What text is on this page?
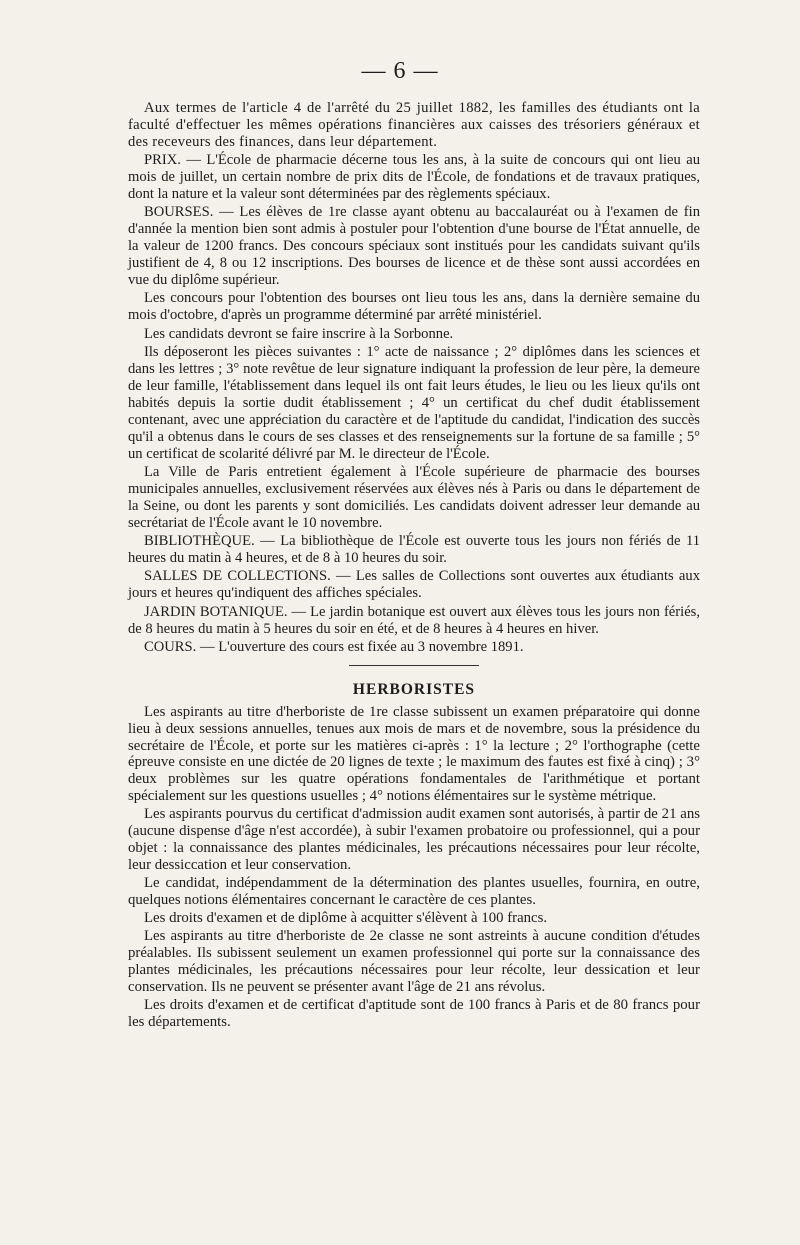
— 6 —

Aux termes de l'article 4 de l'arrêté du 25 juillet 1882, les familles des étudiants ont la faculté d'effectuer les mêmes opérations financières aux caisses des trésoriers généraux et des receveurs des finances, dans leur département.

PRIX. — L'École de pharmacie décerne tous les ans, à la suite de concours qui ont lieu au mois de juillet, un certain nombre de prix dits de l'École, de fondations et de travaux pratiques, dont la nature et la valeur sont déterminées par des règlements spéciaux.

BOURSES. — Les élèves de 1re classe ayant obtenu au baccalauréat ou à l'examen de fin d'année la mention bien sont admis à postuler pour l'obtention d'une bourse de l'État annuelle, de la valeur de 1200 francs. Des concours spéciaux sont institués pour les candidats suivant qu'ils justifient de 4, 8 ou 12 inscriptions. Des bourses de licence et de thèse sont aussi accordées en vue du diplôme supérieur.

Les concours pour l'obtention des bourses ont lieu tous les ans, dans la dernière semaine du mois d'octobre, d'après un programme déterminé par arrêté ministériel.

Les candidats devront se faire inscrire à la Sorbonne.

Ils déposeront les pièces suivantes : 1° acte de naissance ; 2° diplômes dans les sciences et dans les lettres ; 3° note revêtue de leur signature indiquant la profession de leur père, la demeure de leur famille, l'établissement dans lequel ils ont fait leurs études, le lieu ou les lieux qu'ils ont habités depuis la sortie dudit établissement ; 4° un certificat du chef dudit établissement contenant, avec une appréciation du caractère et de l'aptitude du candidat, l'indication des succès qu'il a obtenus dans le cours de ses classes et des renseignements sur la fortune de sa famille ; 5° un certificat de scolarité délivré par M. le directeur de l'École.

La Ville de Paris entretient également à l'École supérieure de pharmacie des bourses municipales annuelles, exclusivement réservées aux élèves nés à Paris ou dans le département de la Seine, ou dont les parents y sont domiciliés. Les candidats doivent adresser leur demande au secrétariat de l'École avant le 10 novembre.

BIBLIOTHÈQUE. — La bibliothèque de l'École est ouverte tous les jours non fériés de 11 heures du matin à 4 heures, et de 8 à 10 heures du soir.

SALLES DE COLLECTIONS. — Les salles de Collections sont ouvertes aux étudiants aux jours et heures qu'indiquent des affiches spéciales.

JARDIN BOTANIQUE. — Le jardin botanique est ouvert aux élèves tous les jours non fériés, de 8 heures du matin à 5 heures du soir en été, et de 8 heures à 4 heures en hiver.

COURS. — L'ouverture des cours est fixée au 3 novembre 1891.

HERBORISTES

Les aspirants au titre d'herboriste de 1re classe subissent un examen préparatoire qui donne lieu à deux sessions annuelles, tenues aux mois de mars et de novembre, sous la présidence du secrétaire de l'École, et porte sur les matières ci-après : 1° la lecture ; 2° l'orthographe (cette épreuve consiste en une dictée de 20 lignes de texte ; le maximum des fautes est fixé à cinq) ; 3° deux problèmes sur les quatre opérations fondamentales de l'arithmétique et portant spécialement sur les questions usuelles ; 4° notions élémentaires sur le système métrique.

Les aspirants pourvus du certificat d'admission audit examen sont autorisés, à partir de 21 ans (aucune dispense d'âge n'est accordée), à subir l'examen probatoire ou professionnel, qui a pour objet : la connaissance des plantes médicinales, les précautions nécessaires pour leur récolte, leur dessiccation et leur conservation.

Le candidat, indépendamment de la détermination des plantes usuelles, fournira, en outre, quelques notions élémentaires concernant le caractère de ces plantes.

Les droits d'examen et de diplôme à acquitter s'élèvent à 100 francs.

Les aspirants au titre d'herboriste de 2e classe ne sont astreints à aucune condition d'études préalables. Ils subissent seulement un examen professionnel qui porte sur la connaissance des plantes médicinales, les précautions nécessaires pour leur récolte, leur dessication et leur conservation. Ils ne peuvent se présenter avant l'âge de 21 ans révolus.

Les droits d'examen et de certificat d'aptitude sont de 100 francs à Paris et de 80 francs pour les départements.
